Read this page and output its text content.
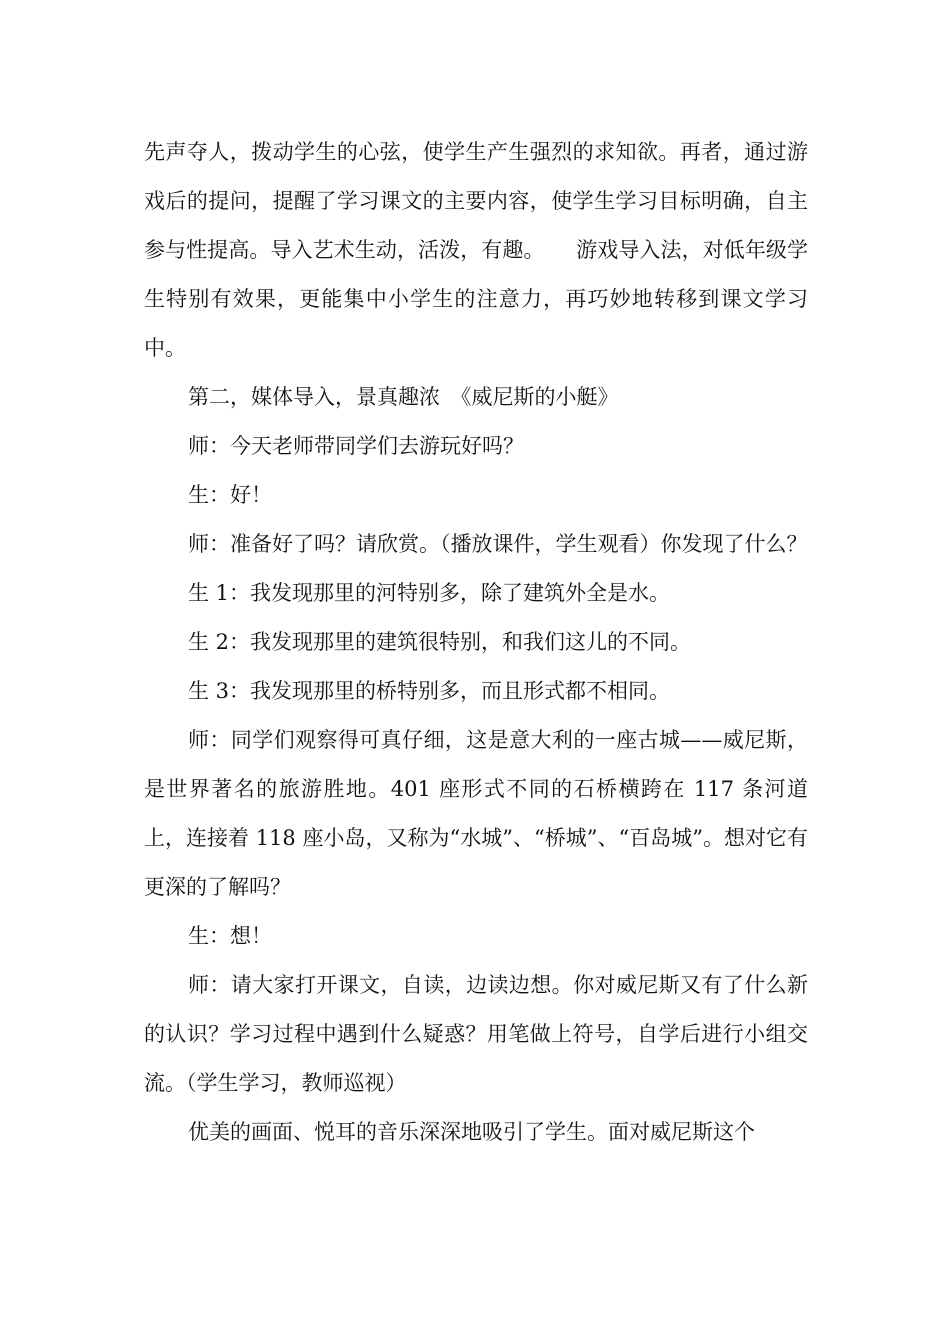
先声夺人，拨动学生的心弦，使学生产生强烈的求知欲。再者，通过游戏后的提问，提醒了学习课文的主要内容，使学生学习目标明确，自主参与性提高。导入艺术生动，活泼，有趣。　　游戏导入法，对低年级学生特别有效果，更能集中小学生的注意力，再巧妙地转移到课文学习中。

第二，媒体导入，景真趣浓　《威尼斯的小艇》

师：今天老师带同学们去游玩好吗？

生：好！

师：准备好了吗？请欣赏。（播放课件，学生观看）你发现了什么？

生 1：我发现那里的河特别多，除了建筑外全是水。

生 2：我发现那里的建筑很特别，和我们这儿的不同。

生 3：我发现那里的桥特别多，而且形式都不相同。

师：同学们观察得可真仔细，这是意大利的一座古城——威尼斯，是世界著名的旅游胜地。401 座形式不同的石桥横跨在 117 条河道上，连接着 118 座小岛，又称为“水城”、“桥城”、“百岛城”。想对它有更深的了解吗？

生：想！

师：请大家打开课文，自读，边读边想。你对威尼斯又有了什么新的认识？学习过程中遇到什么疑惑？用笔做上符号，自学后进行小组交流。（学生学习，教师巡视）

优美的画面、悦耳的音乐深深地吸引了学生。面对威尼斯这个
